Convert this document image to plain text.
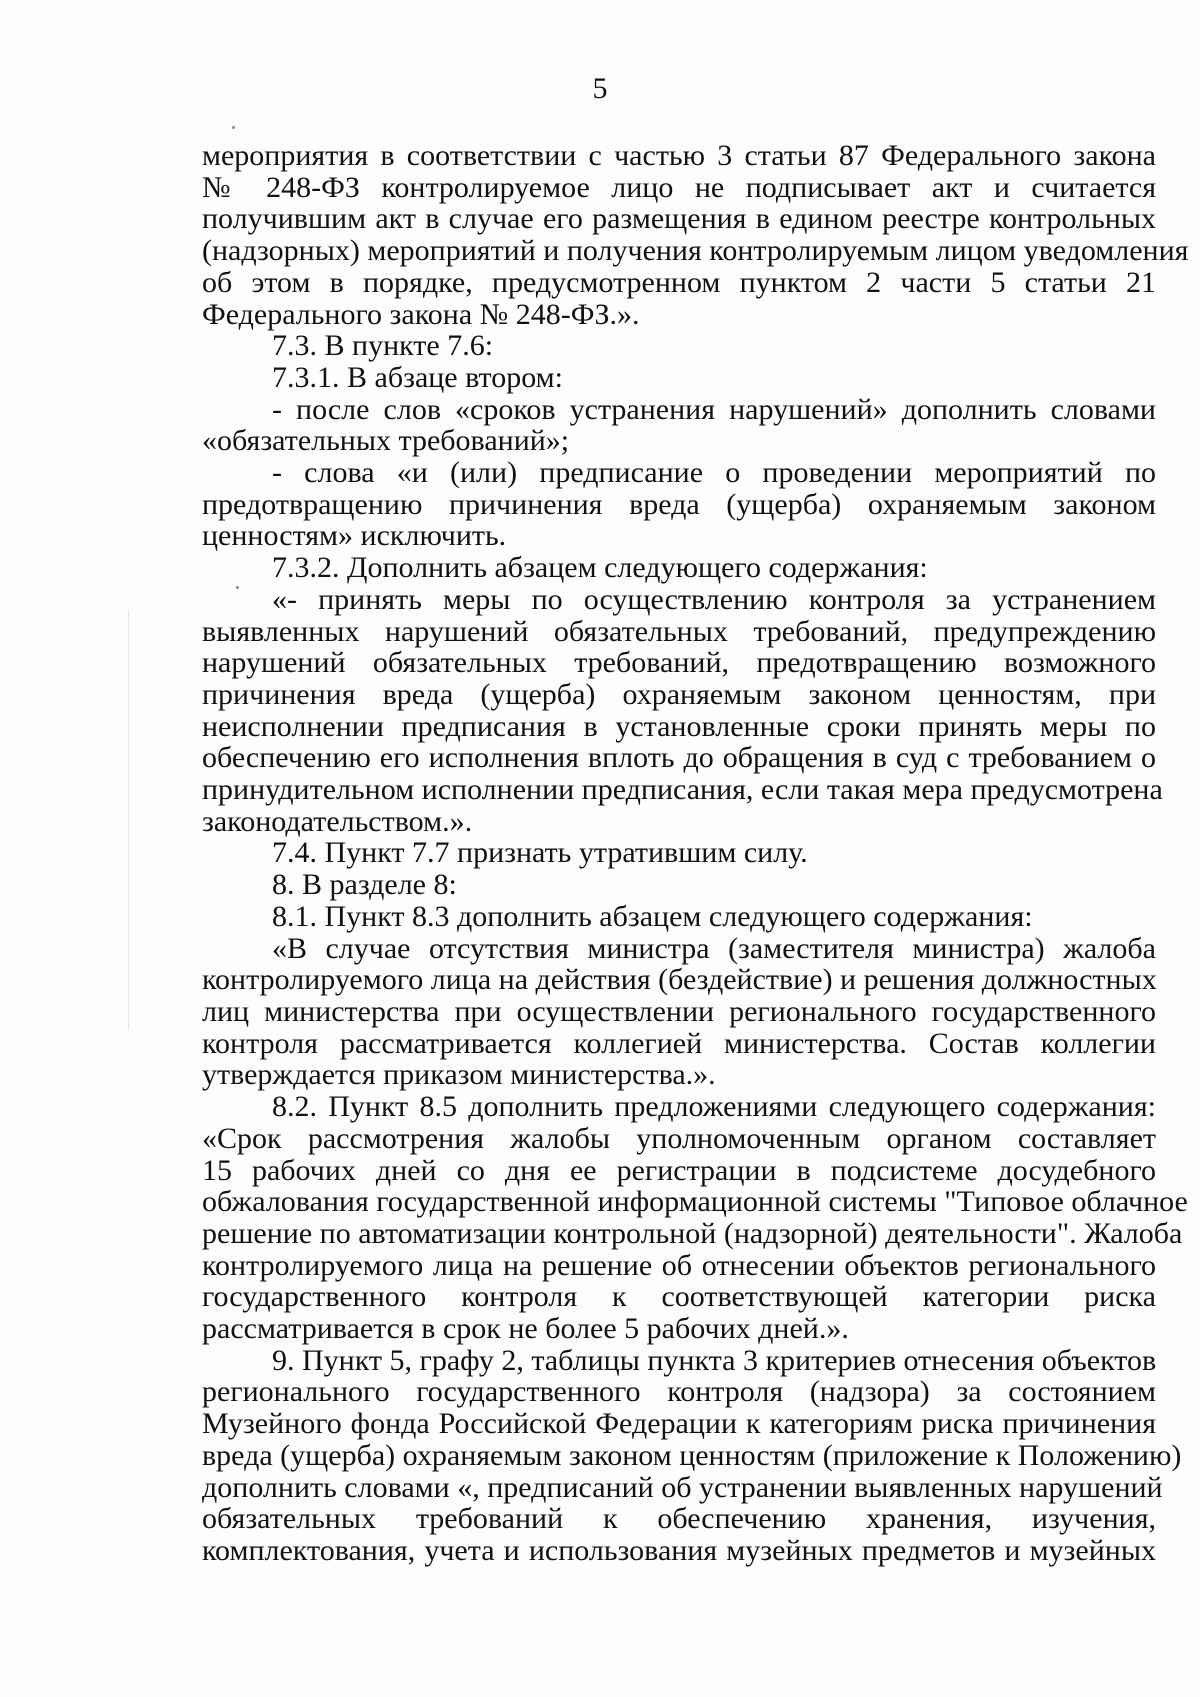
5
мероприятия в соответствии с частью 3 статьи 87 Федерального закона
№ 248-ФЗ контролируемое лицо не подписывает акт и считается
получившим акт в случае его размещения в едином реестре контрольных
(надзорных) мероприятий и получения контролируемым лицом уведомления
об этом в порядке, предусмотренном пунктом 2 части 5 статьи 21
Федерального закона № 248-ФЗ.».
7.3. В пункте 7.6:
7.3.1. В абзаце втором:
- после слов «сроков устранения нарушений» дополнить словами
«обязательных требований»;
- слова «и (или) предписание о проведении мероприятий по
предотвращению причинения вреда (ущерба) охраняемым законом
ценностям» исключить.
7.3.2. Дополнить абзацем следующего содержания:
«- принять меры по осуществлению контроля за устранением
выявленных нарушений обязательных требований, предупреждению
нарушений обязательных требований, предотвращению возможного
причинения вреда (ущерба) охраняемым законом ценностям, при
неисполнении предписания в установленные сроки принять меры по
обеспечению его исполнения вплоть до обращения в суд с требованием о
принудительном исполнении предписания, если такая мера предусмотрена
законодательством.».
7.4. Пункт 7.7 признать утратившим силу.
8. В разделе 8:
8.1. Пункт 8.3 дополнить абзацем следующего содержания:
«В случае отсутствия министра (заместителя министра) жалоба
контролируемого лица на действия (бездействие) и решения должностных
лиц министерства при осуществлении регионального государственного
контроля рассматривается коллегией министерства. Состав коллегии
утверждается приказом министерства.».
8.2. Пункт 8.5 дополнить предложениями следующего содержания:
«Срок рассмотрения жалобы уполномоченным органом составляет
15 рабочих дней со дня ее регистрации в подсистеме досудебного
обжалования государственной информационной системы "Типовое облачное
решение по автоматизации контрольной (надзорной) деятельности". Жалоба
контролируемого лица на решение об отнесении объектов регионального
государственного контроля к соответствующей категории риска
рассматривается в срок не более 5 рабочих дней.».
9. Пункт 5, графу 2, таблицы пункта 3 критериев отнесения объектов
регионального государственного контроля (надзора) за состоянием
Музейного фонда Российской Федерации к категориям риска причинения
вреда (ущерба) охраняемым законом ценностям (приложение к Положению)
дополнить словами «, предписаний об устранении выявленных нарушений
обязательных требований к обеспечению хранения, изучения,
комплектования, учета и использования музейных предметов и музейных
